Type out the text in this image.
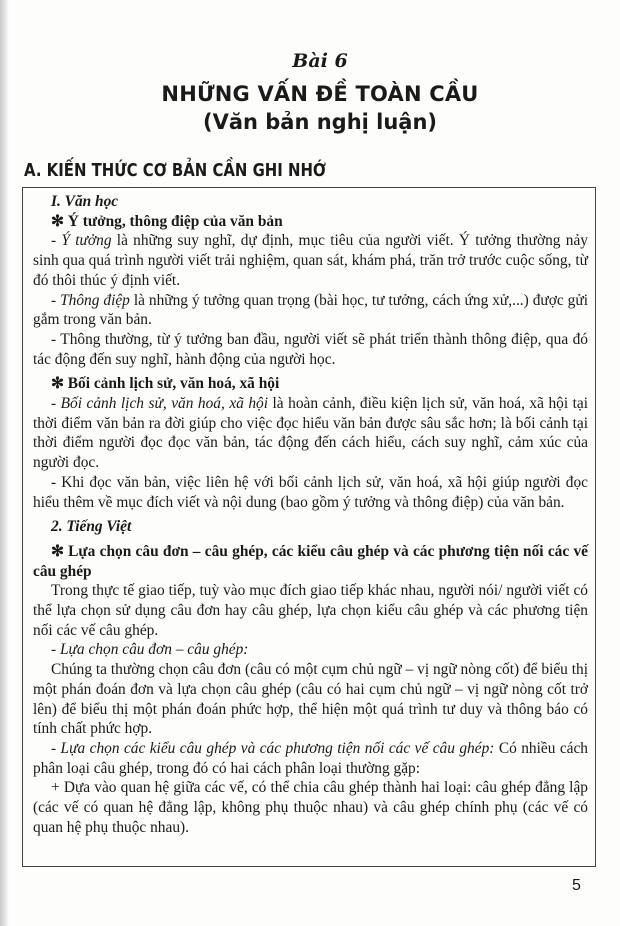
Bài 6
NHỮNG VẤN ĐỀ TOÀN CẦU
(Văn bản nghị luận)
A. KIẾN THỨC CƠ BẢN CẦN GHI NHỚ

I. Văn học

✻ Ý tưởng, thông điệp của văn bản

- Ý tưởng là những suy nghĩ, dự định, mục tiêu của người viết. Ý tưởng thường nảy sinh qua quá trình người viết trải nghiệm, quan sát, khám phá, trăn trở trước cuộc sống, từ đó thôi thúc ý định viết.

- Thông điệp là những ý tưởng quan trọng (bài học, tư tưởng, cách ứng xử,...) được gửi gắm trong văn bản.

- Thông thường, từ ý tưởng ban đầu, người viết sẽ phát triển thành thông điệp, qua đó tác động đến suy nghĩ, hành động của người học.

✻ Bối cảnh lịch sử, văn hoá, xã hội

- Bối cảnh lịch sử, văn hoá, xã hội là hoàn cảnh, điều kiện lịch sử, văn hoá, xã hội tại thời điểm văn bản ra đời giúp cho việc đọc hiểu văn bản được sâu sắc hơn; là bối cảnh tại thời điểm người đọc đọc văn bản, tác động đến cách hiểu, cách suy nghĩ, cảm xúc của người đọc.

- Khi đọc văn bản, việc liên hệ với bối cảnh lịch sử, văn hoá, xã hội giúp người đọc hiểu thêm về mục đích viết và nội dung (bao gồm ý tưởng và thông điệp) của văn bản.

2. Tiếng Việt

✻ Lựa chọn câu đơn – câu ghép, các kiểu câu ghép và các phương tiện nối các vế câu ghép

Trong thực tế giao tiếp, tuỳ vào mục đích giao tiếp khác nhau, người nói/ người viết có thể lựa chọn sử dụng câu đơn hay câu ghép, lựa chọn kiểu câu ghép và các phương tiện nối các vế câu ghép.

- Lựa chọn câu đơn – câu ghép:

Chúng ta thường chọn câu đơn (câu có một cụm chủ ngữ – vị ngữ nòng cốt) để biểu thị một phán đoán đơn và lựa chọn câu ghép (câu có hai cụm chủ ngữ – vị ngữ nòng cốt trở lên) để biểu thị một phán đoán phức hợp, thể hiện một quá trình tư duy và thông báo có tính chất phức hợp.

- Lựa chọn các kiểu câu ghép và các phương tiện nối các vế câu ghép: Có nhiều cách phân loại câu ghép, trong đó có hai cách phân loại thường gặp:

+ Dựa vào quan hệ giữa các vế, có thể chia câu ghép thành hai loại: câu ghép đẳng lập (các vế có quan hệ đẳng lập, không phụ thuộc nhau) và câu ghép chính phụ (các vế có quan hệ phụ thuộc nhau).

5
